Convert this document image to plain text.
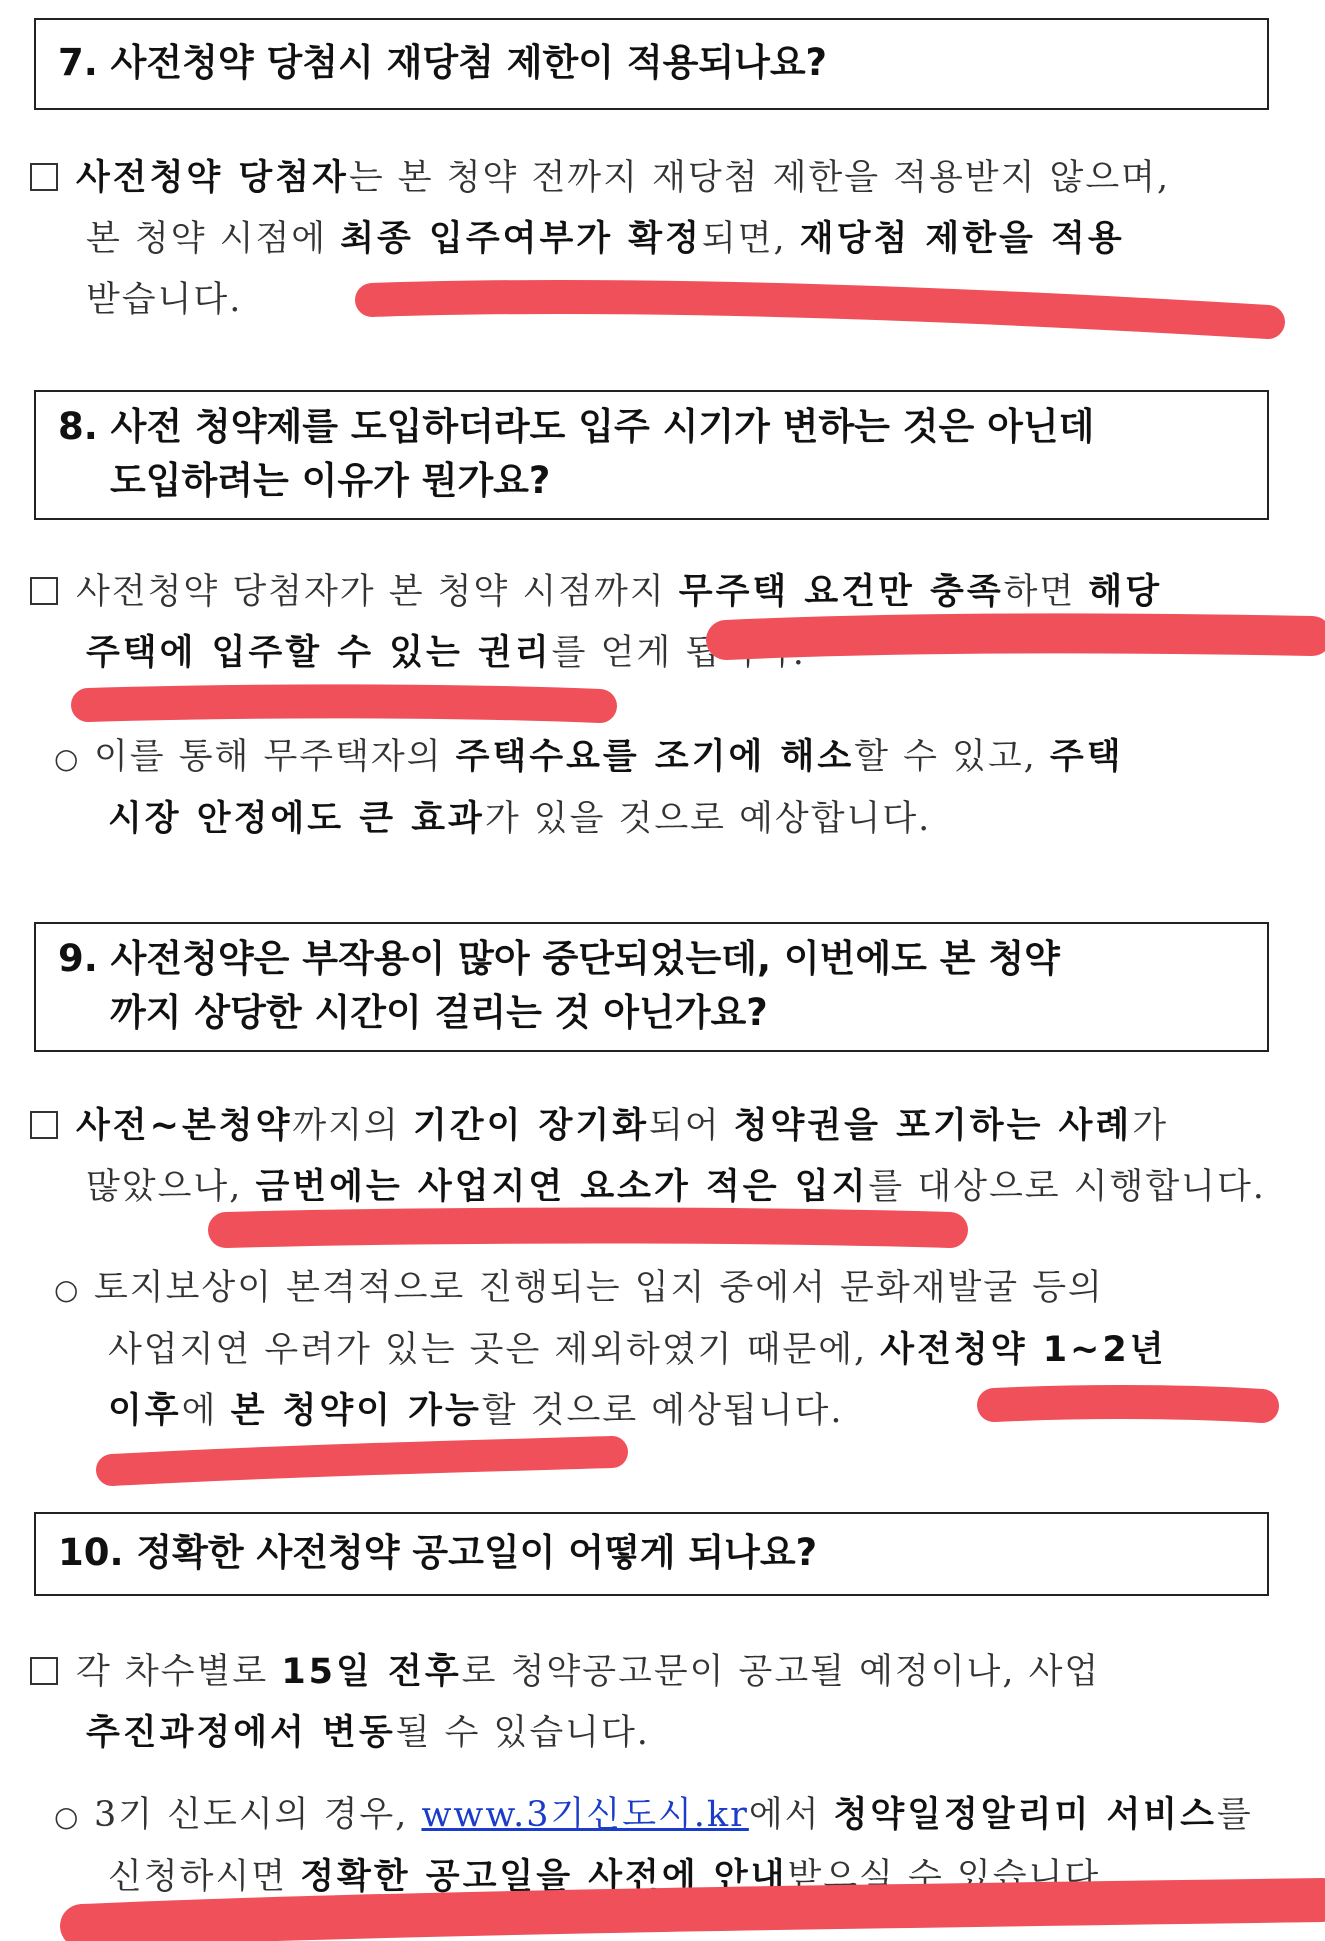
7. 사전청약 당첨시 재당첨 제한이 적용되나요?
사전청약 당첨자는 본 청약 전까지 재당첨 제한을 적용받지 않으며,
본 청약 시점에 최종 입주여부가 확정되면, 재당첨 제한을 적용
받습니다.
8. 사전 청약제를 도입하더라도 입주 시기가 변하는 것은 아닌데
도입하려는 이유가 뭔가요?
사전청약 당첨자가 본 청약 시점까지 무주택 요건만 충족하면 해당
주택에 입주할 수 있는 권리를 얻게 됩니다.
○ 이를 통해 무주택자의 주택수요를 조기에 해소할 수 있고, 주택
시장 안정에도 큰 효과가 있을 것으로 예상합니다.
9. 사전청약은 부작용이 많아 중단되었는데, 이번에도 본 청약
까지 상당한 시간이 걸리는 것 아닌가요?
사전~본청약까지의 기간이 장기화되어 청약권을 포기하는 사례가
많았으나, 금번에는 사업지연 요소가 적은 입지를 대상으로 시행합니다.
○ 토지보상이 본격적으로 진행되는 입지 중에서 문화재발굴 등의
사업지연 우려가 있는 곳은 제외하였기 때문에, 사전청약 1~2년
이후에 본 청약이 가능할 것으로 예상됩니다.
10. 정확한 사전청약 공고일이 어떻게 되나요?
각 차수별로 15일 전후로 청약공고문이 공고될 예정이나, 사업
추진과정에서 변동될 수 있습니다.
○ 3기 신도시의 경우, www.3기신도시.kr에서 청약일정알리미 서비스를
신청하시면 정확한 공고일을 사전에 안내받으실 수 있습니다.
